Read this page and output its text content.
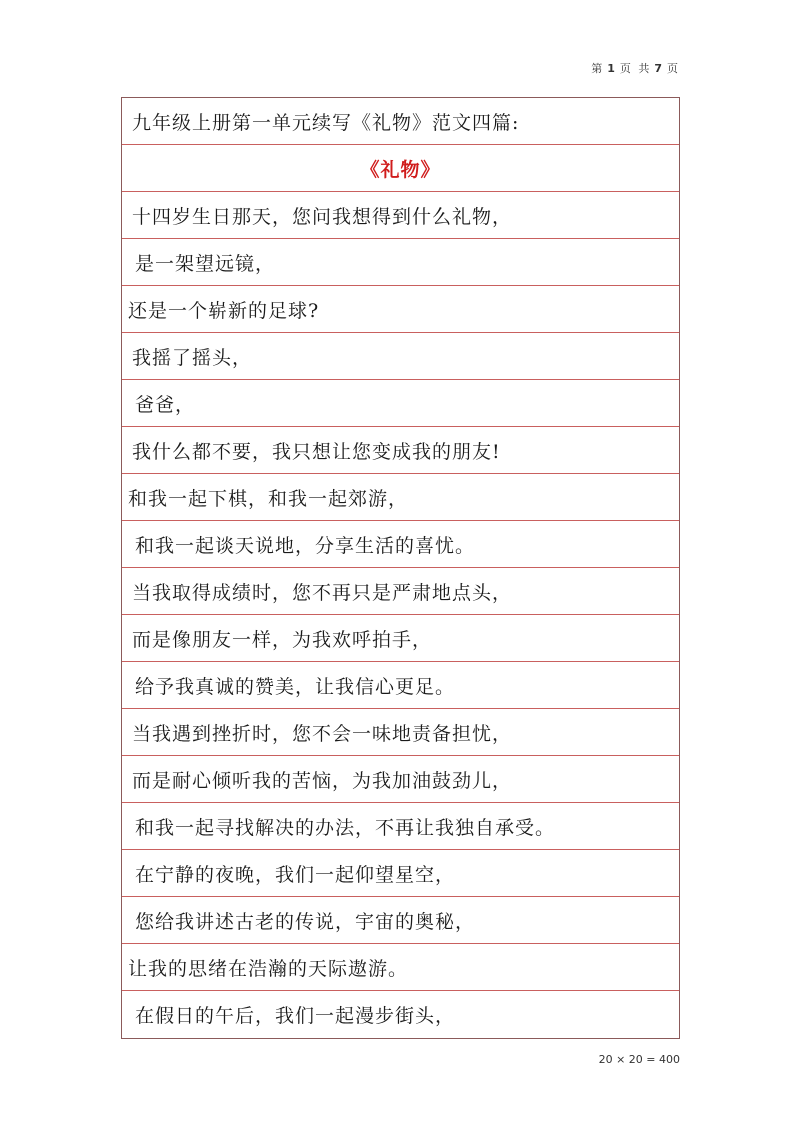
第 1 页 共 7 页
九年级上册第一单元续写《礼物》范文四篇:
《礼物》
十四岁生日那天，您问我想得到什么礼物，
是一架望远镜，
还是一个崭新的足球?
我摇了摇头，
爸爸，
我什么都不要，我只想让您变成我的朋友!
和我一起下棋，和我一起郊游，
和我一起谈天说地，分享生活的喜忧。
当我取得成绩时，您不再只是严肃地点头，
而是像朋友一样，为我欢呼拍手，
给予我真诚的赞美，让我信心更足。
当我遇到挫折时，您不会一味地责备担忧，
而是耐心倾听我的苦恼，为我加油鼓劲儿，
和我一起寻找解决的办法，不再让我独自承受。
在宁静的夜晚，我们一起仰望星空，
您给我讲述古老的传说，宇宙的奥秘，
让我的思绪在浩瀚的天际遨游。
在假日的午后，我们一起漫步街头，
20 × 20 = 400
